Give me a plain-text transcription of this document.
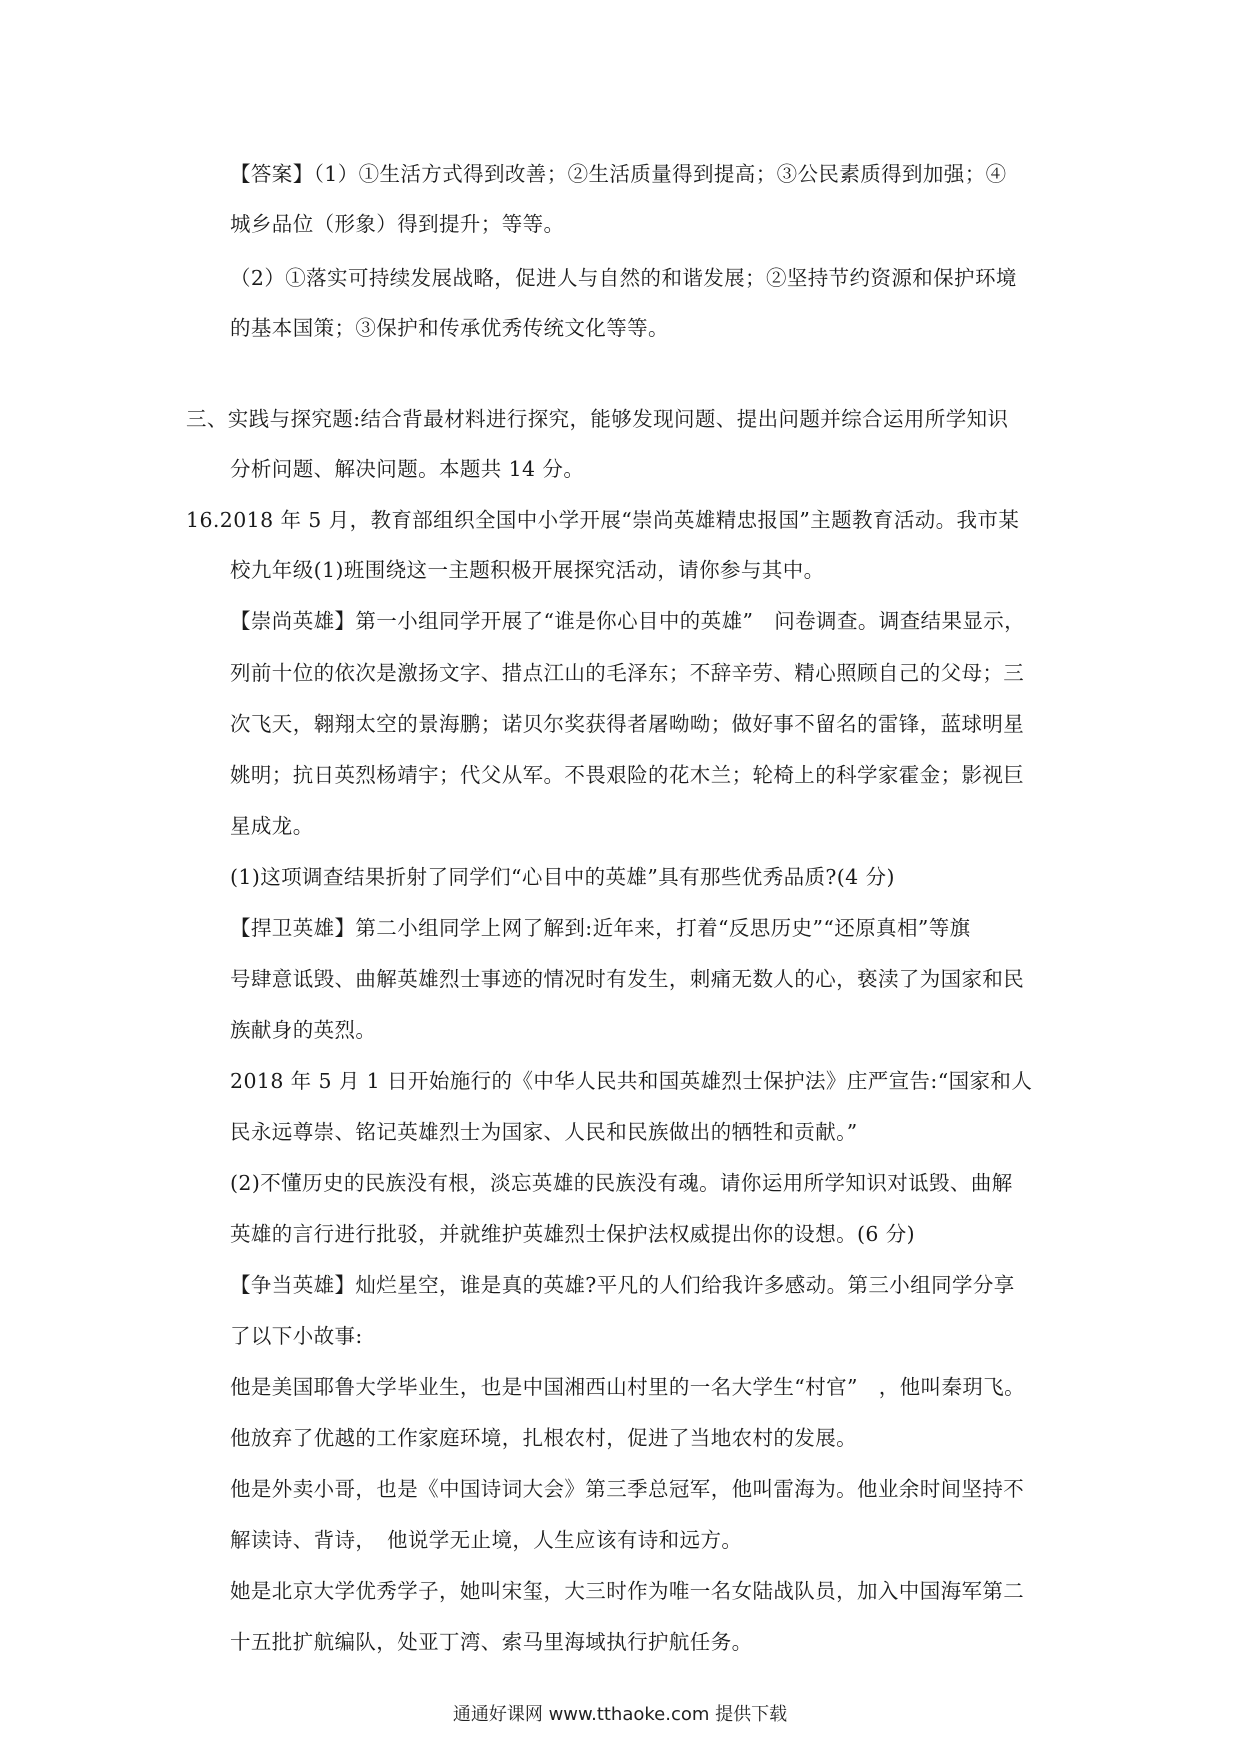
【答案】（1）①生活方式得到改善；②生活质量得到提高；③公民素质得到加强；④
城乡品位（形象）得到提升；等等。
（2）①落实可持续发展战略，促进人与自然的和谐发展；②坚持节约资源和保护环境
的基本国策；③保护和传承优秀传统文化等等。
三、实践与探究题:结合背最材料进行探究，能够发现问题、提出问题并综合运用所学知识
分析问题、解决问题。本题共 14 分。
16.2018 年 5 月，教育部组织全国中小学开展“崇尚英雄精忠报国”主题教育活动。我市某
校九年级(1)班围绕这一主题积极开展探究活动，请你参与其中。
【崇尚英雄】第一小组同学开展了“谁是你心目中的英雄”　问卷调查。调查结果显示，
列前十位的依次是激扬文字、措点江山的毛泽东；不辞辛劳、精心照顾自己的父母；三
次飞天，翱翔太空的景海鹏；诺贝尔奖获得者屠呦呦；做好事不留名的雷锋，蓝球明星
姚明；抗日英烈杨靖宇；代父从军。不畏艰险的花木兰；轮椅上的科学家霍金；影视巨
星成龙。
(1)这项调查结果折射了同学们“心目中的英雄”具有那些优秀品质?(4 分)
【捍卫英雄】第二小组同学上网了解到:近年来，打着“反思历史”“还原真相”等旗
号肆意诋毁、曲解英雄烈士事迹的情况时有发生，刺痛无数人的心，亵渎了为国家和民
族献身的英烈。
2018 年 5 月 1 日开始施行的《中华人民共和国英雄烈士保护法》庄严宣告:“国家和人
民永远尊崇、铭记英雄烈士为国家、人民和民族做出的牺牲和贡献。”
(2)不懂历史的民族没有根，淡忘英雄的民族没有魂。请你运用所学知识对诋毁、曲解
英雄的言行进行批驳，并就维护英雄烈士保护法权威提出你的设想。(6 分)
【争当英雄】灿烂星空，谁是真的英雄?平凡的人们给我许多感动。第三小组同学分享
了以下小故事:
他是美国耶鲁大学毕业生，也是中国湘西山村里的一名大学生“村官”　，他叫秦玥飞。
他放弃了优越的工作家庭环境，扎根农村，促进了当地农村的发展。
他是外卖小哥，也是《中国诗词大会》第三季总冠军，他叫雷海为。他业余时间坚持不
解读诗、背诗，　他说学无止境，人生应该有诗和远方。
她是北京大学优秀学子，她叫宋玺，大三时作为唯一名女陆战队员，加入中国海军第二
十五批扩航编队，处亚丁湾、索马里海域执行护航任务。
通通好课网 www.tthaoke.com 提供下载
